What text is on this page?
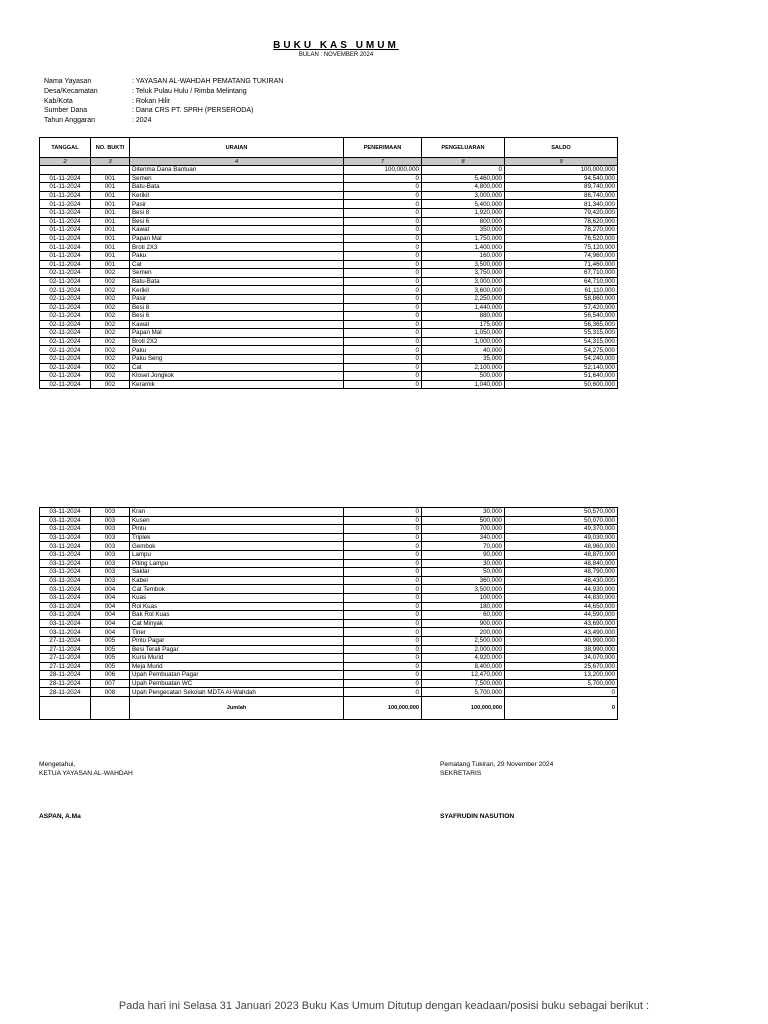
BUKU KAS UMUM
BULAN : NOVEMBER 2024
Nama Yayasan	: YAYASAN AL-WAHDAH PEMATANG TUKIRAN
Desa/Kecamatan	: Teluk Pulau Hulu / Rimba Melintang
Kab/Kota	: Rokan Hilir
Sumber Dana	: Dana CRS PT. SPRH (PERSERODA)
Tahun Anggaran	: 2024
TANGGAL	NO. BUKTI	URAIAN	PENERIMAAN	PENGELUARAN	SALDO
2	3	4	7	8	9
		Diterima Dana Bantuan	100,000,000	0	100,000,000
01-11-2024	001	Semen	0	5,460,000	94,540,000
01-11-2024	001	Batu-Bata	0	4,800,000	89,740,000
01-11-2024	001	Kerikil	0	3,000,000	86,740,000
01-11-2024	001	Pasir	0	5,400,000	81,340,000
01-11-2024	001	Besi 8	0	1,920,000	79,420,000
01-11-2024	001	Besi 6	0	800,000	78,620,000
01-11-2024	001	Kawat	0	350,000	78,270,000
01-11-2024	001	Papan Mal	0	1,750,000	76,520,000
01-11-2024	001	Broti 2X3	0	1,400,000	75,120,000
01-11-2024	001	Paku	0	160,000	74,960,000
01-11-2024	001	Cat	0	3,500,000	71,460,000
02-11-2024	002	Semen	0	3,750,000	67,710,000
02-11-2024	002	Batu-Bata	0	3,000,000	64,710,000
02-11-2024	002	Kerikil	0	3,600,000	61,110,000
02-11-2024	002	Pasir	0	2,250,000	58,860,000
02-11-2024	002	Besi 8	0	1,440,000	57,420,000
02-11-2024	002	Besi 6	0	880,000	56,540,000
02-11-2024	002	Kawat	0	175,000	56,365,000
02-11-2024	002	Papan Mal	0	1,050,000	55,315,000
02-11-2024	002	Broti 2X2	0	1,000,000	54,315,000
02-11-2024	002	Paku	0	40,000	54,275,000
02-11-2024	002	Paku Seng	0	35,000	54,240,000
02-11-2024	002	Cat	0	2,100,000	52,140,000
02-11-2024	002	Kloset Jongkok	0	500,000	51,640,000
02-11-2024	002	Keramik	0	1,040,000	50,600,000
03-11-2024	003	Kran	0	30,000	50,570,000
03-11-2024	003	Kusen	0	500,000	50,070,000
03-11-2024	003	Pintu	0	700,000	49,370,000
03-11-2024	003	Triplek	0	340,000	49,030,000
03-11-2024	003	Gembok	0	70,000	48,960,000
03-11-2024	003	Lampu	0	90,000	48,870,000
03-11-2024	003	Piting Lampu	0	30,000	48,840,000
03-11-2024	003	Saklar	0	50,000	48,790,000
03-11-2024	003	Kabel	0	360,000	48,430,000
03-11-2024	004	Cat Tembok	0	3,500,000	44,930,000
03-11-2024	004	Kuas	0	100,000	44,830,000
03-11-2024	004	Rol Kuas	0	180,000	44,650,000
03-11-2024	004	Bak Rol Kuas	0	60,000	44,590,000
03-11-2024	004	Cat Minyak	0	900,000	43,690,000
03-11-2024	004	Tiner	0	200,000	43,490,000
27-11-2024	005	Pintu Pagar	0	2,500,000	40,990,000
27-11-2024	005	Besi Terali Pagar	0	2,000,000	38,990,000
27-11-2024	005	Kursi Murid	0	4,920,000	34,070,000
27-11-2024	005	Meja Murid	0	8,400,000	25,670,000
28-11-2024	006	Upah Pembuatan Pagar	0	12,470,000	13,200,000
28-11-2024	007	Upah Pembuatan WC	0	7,500,000	5,700,000
28-11-2024	008	Upah Pengecatan Sekolah MDTA Al-Wahdah	0	5,700,000	0
		Jumlah	100,000,000	100,000,000	0
Mengetahui,
KETUA YAYASAN AL-WAHDAH
ASPAN, A.Ma
Pematang Tukiran, 29 November 2024
SEKRETARIS
SYAFRUDIN NASUTION
Pada hari ini Selasa 31 Januari 2023 Buku Kas Umum Ditutup dengan keadaan/posisi buku sebagai berikut :
